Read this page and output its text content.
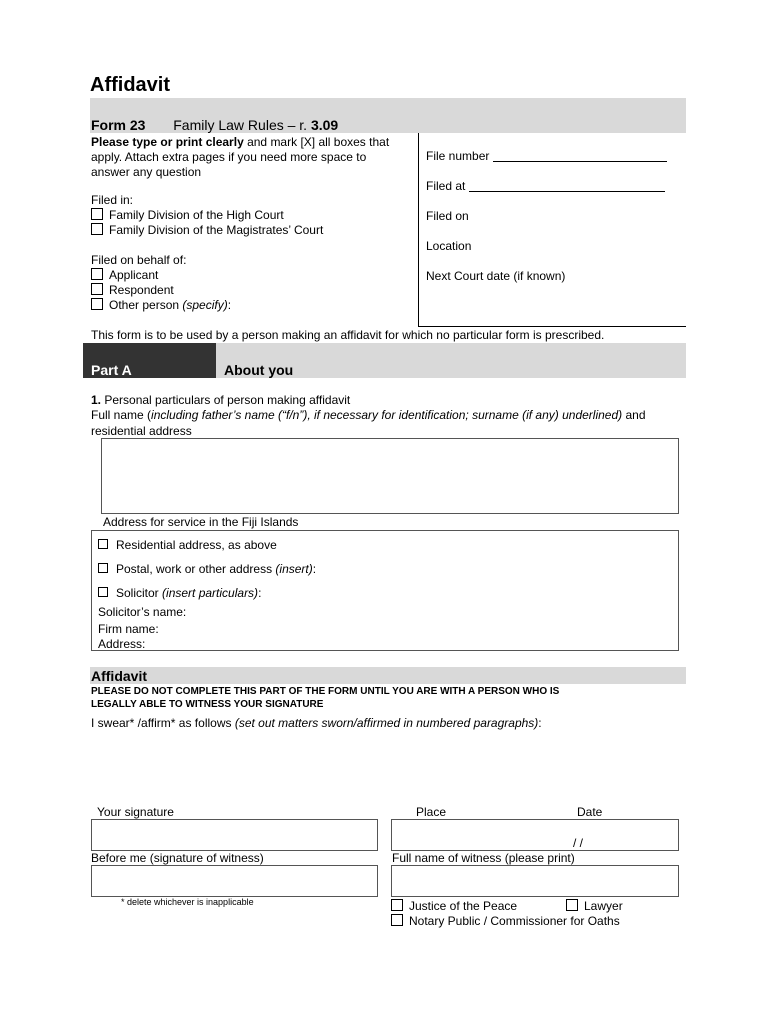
Affidavit
Form 23 Family Law Rules – r. 3.09
Please type or print clearly and mark [X] all boxes that
apply. Attach extra pages if you need more space to
answer any question
Filed in:
Family Division of the High Court
Family Division of the Magistrates’ Court
Filed on behalf of:
Applicant
Respondent
Other person (specify):
File number
Filed at
Filed on
Location
Next Court date (if known)
This form is to be used by a person making an affidavit for which no particular form is prescribed.
Part A	About you
1. Personal particulars of person making affidavit
Full name (including father’s name (“f/n”), if necessary for identification; surname (if any) underlined) and
residential address
Address for service in the Fiji Islands
Residential address, as above
Postal, work or other address (insert):
Solicitor (insert particulars):
Solicitor’s name:
Firm name:
Address:
Affidavit
PLEASE DO NOT COMPLETE THIS PART OF THE FORM UNTIL YOU ARE WITH A PERSON WHO IS
LEGALLY ABLE TO WITNESS YOUR SIGNATURE
I swear* /affirm* as follows (set out matters sworn/affirmed in numbered paragraphs):
Your signature	Place	Date
/ /
Before me (signature of witness)	Full name of witness (please print)
* delete whichever is inapplicable	Justice of the Peace	Lawyer
Notary Public / Commissioner for Oaths
